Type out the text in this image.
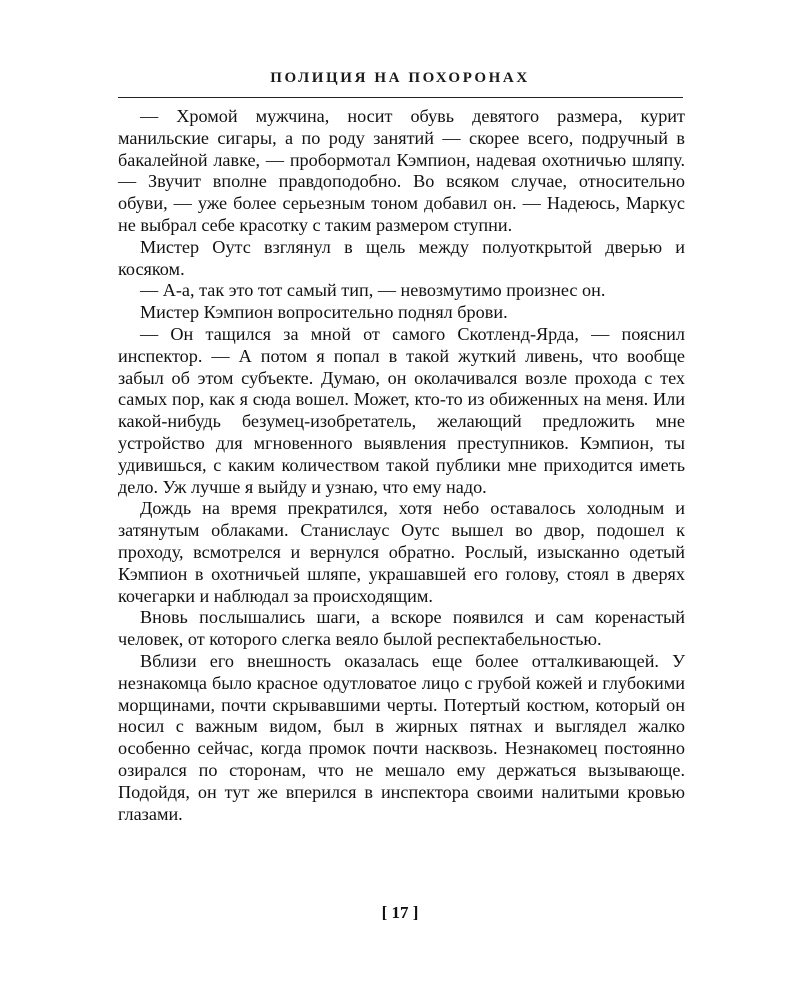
ПОЛИЦИЯ НА ПОХОРОНАХ

— Хромой мужчина, носит обувь девятого размера, курит манильские сигары, а по роду занятий — скорее всего, подручный в бакалейной лавке, — пробормотал Кэмпион, надевая охотничью шляпу. — Звучит вполне правдоподобно. Во всяком случае, относительно обуви, — уже более серьезным тоном добавил он. — Надеюсь, Маркус не выбрал себе красотку с таким размером ступни.

Мистер Оутс взглянул в щель между полуоткрытой дверью и косяком.

— А-а, так это тот самый тип, — невозмутимо произнес он.

Мистер Кэмпион вопросительно поднял брови.

— Он тащился за мной от самого Скотленд-Ярда, — пояснил инспектор. — А потом я попал в такой жуткий ливень, что вообще забыл об этом субъекте. Думаю, он околачивался возле прохода с тех самых пор, как я сюда вошел. Может, кто-то из обиженных на меня. Или какой-нибудь безумец-изобретатель, желающий предложить мне устройство для мгновенного выявления преступников. Кэмпион, ты удивишься, с каким количеством такой публики мне приходится иметь дело. Уж лучше я выйду и узнаю, что ему надо.

Дождь на время прекратился, хотя небо оставалось холодным и затянутым облаками. Станислаус Оутс вышел во двор, подошел к проходу, всмотрелся и вернулся обратно. Рослый, изысканно одетый Кэмпион в охотничьей шляпе, украшавшей его голову, стоял в дверях кочегарки и наблюдал за происходящим.

Вновь послышались шаги, а вскоре появился и сам коренастый человек, от которого слегка веяло былой респектабельностью.

Вблизи его внешность оказалась еще более отталкивающей. У незнакомца было красное одутловатое лицо с грубой кожей и глубокими морщинами, почти скрывавшими черты. Потертый костюм, который он носил с важным видом, был в жирных пятнах и выглядел жалко особенно сейчас, когда промок почти насквозь. Незнакомец постоянно озирался по сторонам, что не мешало ему держаться вызывающе. Подойдя, он тут же вперился в инспектора своими налитыми кровью глазами.

[ 17 ]
